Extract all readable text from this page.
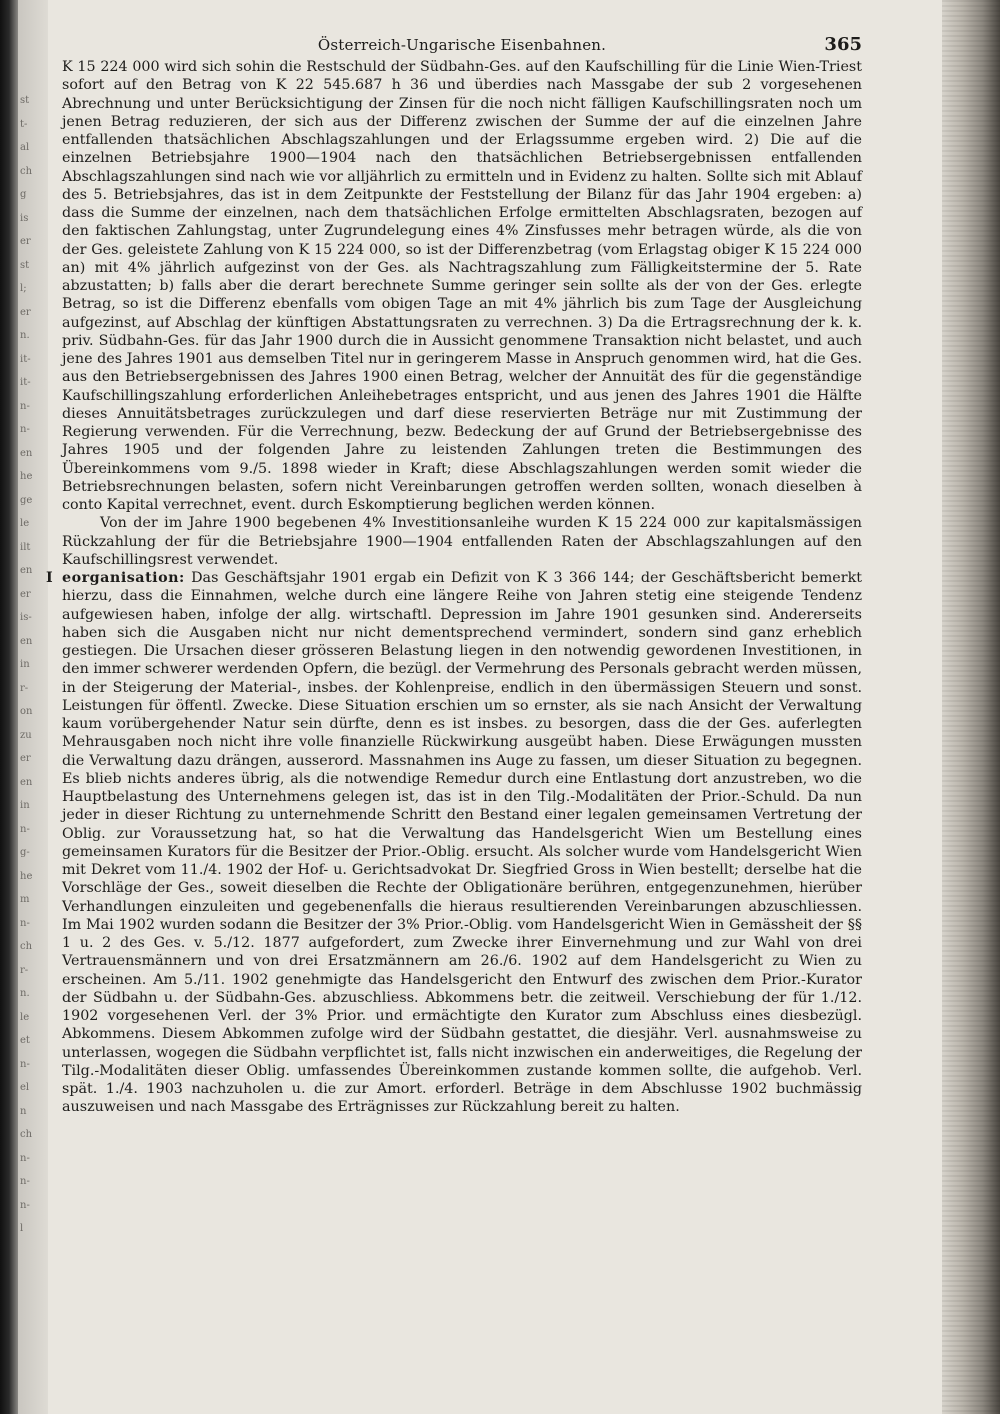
st
t-
al
ch
g
is
er
st
l;
er
n.
it-
it-
n-
n-
en
he
ge
le
ilt
en
er
is-
en
in
r-
on
zu
er
en
in
n-
g-
he
m
n-
ch
r-
n.
le
et
n-
el
n
ch
n-
n-
n-
l
Österreich-Ungarische Eisenbahnen.	365

K 15 224 000 wird sich sohin die Restschuld der Südbahn-Ges. auf den Kaufschilling für die Linie Wien-Triest sofort auf den Betrag von K 22 545.687 h 36 und überdies nach Massgabe der sub 2 vorgesehenen Abrechnung und unter Berücksichtigung der Zinsen für die noch nicht fälligen Kaufschillingsraten noch um jenen Betrag reduzieren, der sich aus der Differenz zwischen der Summe der auf die einzelnen Jahre entfallenden thatsächlichen Abschlagszahlungen und der Erlagssumme ergeben wird. 2) Die auf die einzelnen Betriebsjahre 1900—1904 nach den thatsächlichen Betriebsergebnissen entfallenden Abschlagszahlungen sind nach wie vor alljährlich zu ermitteln und in Evidenz zu halten. Sollte sich mit Ablauf des 5. Betriebsjahres, das ist in dem Zeitpunkte der Feststellung der Bilanz für das Jahr 1904 ergeben: a) dass die Summe der einzelnen, nach dem thatsächlichen Erfolge ermittelten Abschlagsraten, bezogen auf den faktischen Zahlungstag, unter Zugrundelegung eines 4% Zinsfusses mehr betragen würde, als die von der Ges. geleistete Zahlung von K 15 224 000, so ist der Differenzbetrag (vom Erlagstag obiger K 15 224 000 an) mit 4% jährlich aufgezinst von der Ges. als Nachtragszahlung zum Fälligkeitstermine der 5. Rate abzustatten; b) falls aber die derart berechnete Summe geringer sein sollte als der von der Ges. erlegte Betrag, so ist die Differenz ebenfalls vom obigen Tage an mit 4% jährlich bis zum Tage der Ausgleichung aufgezinst, auf Abschlag der künftigen Abstattungsraten zu verrechnen. 3) Da die Ertragsrechnung der k. k. priv. Südbahn-Ges. für das Jahr 1900 durch die in Aussicht genommene Transaktion nicht belastet, und auch jene des Jahres 1901 aus demselben Titel nur in geringerem Masse in Anspruch genommen wird, hat die Ges. aus den Betriebsergebnissen des Jahres 1900 einen Betrag, welcher der Annuität des für die gegenständige Kaufschillingszahlung erforderlichen Anleihebetrages entspricht, und aus jenen des Jahres 1901 die Hälfte dieses Annuitätsbetrages zurückzulegen und darf diese reservierten Beträge nur mit Zustimmung der Regierung verwenden. Für die Verrechnung, bezw. Bedeckung der auf Grund der Betriebsergebnisse des Jahres 1905 und der folgenden Jahre zu leistenden Zahlungen treten die Bestimmungen des Übereinkommens vom 9./5. 1898 wieder in Kraft; diese Abschlagszahlungen werden somit wieder die Betriebsrechnungen belasten, sofern nicht Vereinbarungen getroffen werden sollten, wonach dieselben à conto Kapital verrechnet, event. durch Eskomptierung beglichen werden können.

Von der im Jahre 1900 begebenen 4% Investitionsanleihe wurden K 15 224 000 zur kapitalsmässigen Rückzahlung der für die Betriebsjahre 1900—1904 entfallenden Raten der Abschlagszahlungen auf den Kaufschillingsrest verwendet.

I eorganisation: Das Geschäftsjahr 1901 ergab ein Defizit von K 3 366 144; der Geschäftsbericht bemerkt hierzu, dass die Einnahmen, welche durch eine längere Reihe von Jahren stetig eine steigende Tendenz aufgewiesen haben, infolge der allg. wirtschaftl. Depression im Jahre 1901 gesunken sind. Andererseits haben sich die Ausgaben nicht nur nicht dementsprechend vermindert, sondern sind ganz erheblich gestiegen. Die Ursachen dieser grösseren Belastung liegen in den notwendig gewordenen Investitionen, in den immer schwerer werdenden Opfern, die bezügl. der Vermehrung des Personals gebracht werden müssen, in der Steigerung der Material-, insbes. der Kohlenpreise, endlich in den übermässigen Steuern und sonst. Leistungen für öffentl. Zwecke. Diese Situation erschien um so ernster, als sie nach Ansicht der Verwaltung kaum vorübergehender Natur sein dürfte, denn es ist insbes. zu besorgen, dass die der Ges. auferlegten Mehrausgaben noch nicht ihre volle finanzielle Rückwirkung ausgeübt haben. Diese Erwägungen mussten die Verwaltung dazu drängen, ausserord. Massnahmen ins Auge zu fassen, um dieser Situation zu begegnen. Es blieb nichts anderes übrig, als die notwendige Remedur durch eine Entlastung dort anzustreben, wo die Hauptbelastung des Unternehmens gelegen ist, das ist in den Tilg.-Modalitäten der Prior.-Schuld. Da nun jeder in dieser Richtung zu unternehmende Schritt den Bestand einer legalen gemeinsamen Vertretung der Oblig. zur Voraussetzung hat, so hat die Verwaltung das Handelsgericht Wien um Bestellung eines gemeinsamen Kurators für die Besitzer der Prior.-Oblig. ersucht. Als solcher wurde vom Handelsgericht Wien mit Dekret vom 11./4. 1902 der Hof- u. Gerichtsadvokat Dr. Siegfried Gross in Wien bestellt; derselbe hat die Vorschläge der Ges., soweit dieselben die Rechte der Obligationäre berühren, entgegenzunehmen, hierüber Verhandlungen einzuleiten und gegebenenfalls die hieraus resultierenden Vereinbarungen abzuschliessen. Im Mai 1902 wurden sodann die Besitzer der 3% Prior.-Oblig. vom Handelsgericht Wien in Gemässheit der §§ 1 u. 2 des Ges. v. 5./12. 1877 aufgefordert, zum Zwecke ihrer Einvernehmung und zur Wahl von drei Vertrauensmännern und von drei Ersatzmännern am 26./6. 1902 auf dem Handelsgericht zu Wien zu erscheinen. Am 5./11. 1902 genehmigte das Handelsgericht den Entwurf des zwischen dem Prior.-Kurator der Südbahn u. der Südbahn-Ges. abzuschliess. Abkommens betr. die zeitweil. Verschiebung der für 1./12. 1902 vorgesehenen Verl. der 3% Prior. und ermächtigte den Kurator zum Abschluss eines diesbezügl. Abkommens. Diesem Abkommen zufolge wird der Südbahn gestattet, die diesjähr. Verl. ausnahmsweise zu unterlassen, wogegen die Südbahn verpflichtet ist, falls nicht inzwischen ein anderweitiges, die Regelung der Tilg.-Modalitäten dieser Oblig. umfassendes Übereinkommen zustande kommen sollte, die aufgehob. Verl. spät. 1./4. 1903 nachzuholen u. die zur Amort. erforderl. Beträge in dem Abschlusse 1902 buchmässig auszuweisen und nach Massgabe des Erträgnisses zur Rückzahlung bereit zu halten.
